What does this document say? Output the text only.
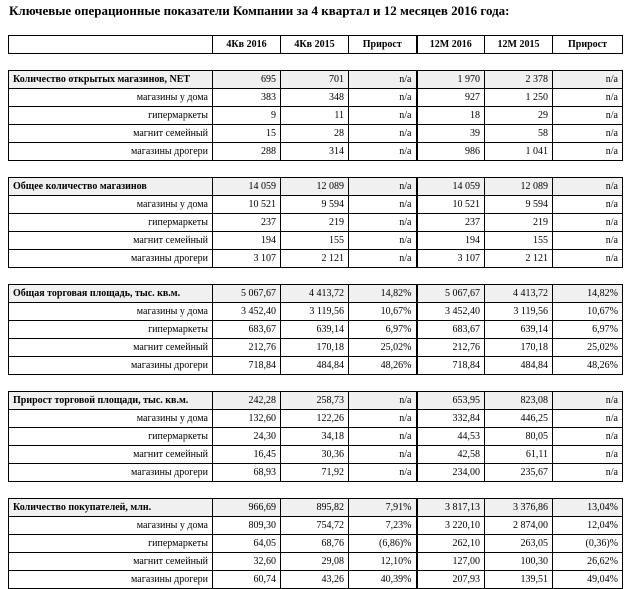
Ключевые операционные показатели Компании за 4 квартал и 12 месяцев 2016 года:
	4Кв 2016	4Кв 2015	Прирост	12M 2016	12M 2015	Прирост

Количество открытых магазинов, NET	695	701	n/a	1 970	2 378	n/a
магазины у дома	383	348	n/a	927	1 250	n/a
гипермаркеты	9	11	n/a	18	29	n/a
магнит семейный	15	28	n/a	39	58	n/a
магазины дрогери	288	314	n/a	986	1 041	n/a

Общее количество магазинов	14 059	12 089	n/a	14 059	12 089	n/a
магазины у дома	10 521	9 594	n/a	10 521	9 594	n/a
гипермаркеты	237	219	n/a	237	219	n/a
магнит семейный	194	155	n/a	194	155	n/a
магазины дрогери	3 107	2 121	n/a	3 107	2 121	n/a

Общая торговая площадь, тыс. кв.м.	5 067,67	4 413,72	14,82%	5 067,67	4 413,72	14,82%
магазины у дома	3 452,40	3 119,56	10,67%	3 452,40	3 119,56	10,67%
гипермаркеты	683,67	639,14	6,97%	683,67	639,14	6,97%
магнит семейный	212,76	170,18	25,02%	212,76	170,18	25,02%
магазины дрогери	718,84	484,84	48,26%	718,84	484,84	48,26%

Прирост торговой площади, тыс. кв.м.	242,28	258,73	n/a	653,95	823,08	n/a
магазины у дома	132,60	122,26	n/a	332,84	446,25	n/a
гипермаркеты	24,30	34,18	n/a	44,53	80,05	n/a
магнит семейный	16,45	30,36	n/a	42,58	61,11	n/a
магазины дрогери	68,93	71,92	n/a	234,00	235,67	n/a

Количество покупателей, млн.	966,69	895,82	7,91%	3 817,13	3 376,86	13,04%
магазины у дома	809,30	754,72	7,23%	3 220,10	2 874,00	12,04%
гипермаркеты	64,05	68,76	(6,86)%	262,10	263,05	(0,36)%
магнит семейный	32,60	29,08	12,10%	127,00	100,30	26,62%
магазины дрогери	60,74	43,26	40,39%	207,93	139,51	49,04%
